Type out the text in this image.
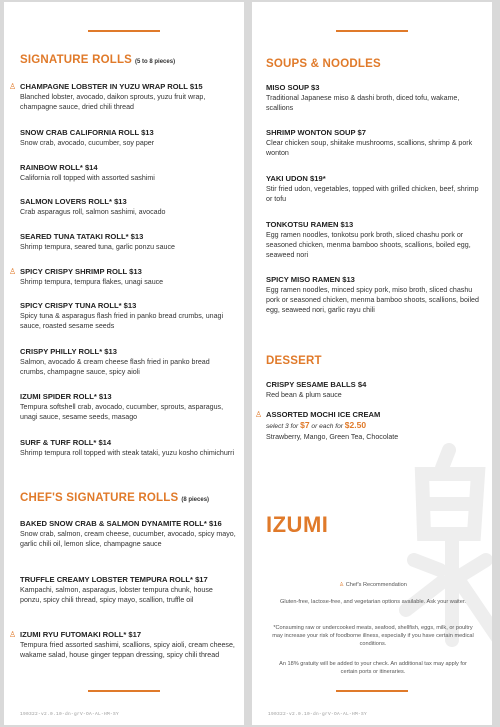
SIGNATURE ROLLS (5 to 8 pieces)
♙ CHAMPAGNE LOBSTER IN YUZU WRAP ROLL $15
Blanched lobster, avocado, daikon sprouts, yuzu fruit wrap, champagne sauce, dried chili thread
SNOW CRAB CALIFORNIA ROLL $13
Snow crab, avocado, cucumber, soy paper
RAINBOW ROLL* $14
California roll topped with assorted sashimi
SALMON LOVERS ROLL* $13
Crab asparagus roll, salmon sashimi, avocado
SEARED TUNA TATAKI ROLL* $13
Shrimp tempura, seared tuna, garlic ponzu sauce
♙ SPICY CRISPY SHRIMP ROLL $13
Shrimp tempura, tempura flakes, unagi sauce
SPICY CRISPY TUNA ROLL* $13
Spicy tuna & asparagus flash fried in panko bread crumbs, unagi sauce, roasted sesame seeds
CRISPY PHILLY ROLL* $13
Salmon, avocado & cream cheese flash fried in panko bread crumbs, champagne sauce, spicy aioli
IZUMI SPIDER ROLL* $13
Tempura softshell crab, avocado, cucumber, sprouts, asparagus, unagi sauce, sesame seeds, masago
SURF & TURF ROLL* $14
Shrimp tempura roll topped with steak tataki, yuzu kosho chimichurri
CHEF'S SIGNATURE ROLLS (8 pieces)
BAKED SNOW CRAB & SALMON DYNAMITE ROLL* $16
Snow crab, salmon, cream cheese, cucumber, avocado, spicy mayo, garlic chili oil, lemon slice, champagne sauce
TRUFFLE CREAMY LOBSTER TEMPURA ROLL* $17
Kampachi, salmon, asparagus, lobster tempura chunk, house ponzu, spicy chili thread, spicy mayo, scallion, truffle oil
♙ IZUMI RYU FUTOMAKI ROLL* $17
Tempura fried assorted sashimi, scallions, spicy aioli, cream cheese, wakame salad, house ginger teppan dressing, spicy chili thread
190322-v2.0.10-dn-grV-OA-AL-HM-SY
SOUPS & NOODLES
MISO SOUP $3
Traditional Japanese miso & dashi broth, diced tofu, wakame, scallions
SHRIMP WONTON SOUP $7
Clear chicken soup, shiitake mushrooms, scallions, shrimp & pork wonton
YAKI UDON $19*
Stir fried udon, vegetables, topped with grilled chicken, beef, shrimp or tofu
TONKOTSU RAMEN $13
Egg ramen noodles, tonkotsu pork broth, sliced chashu pork or seasoned chicken, menma bamboo shoots, scallions, boiled egg, seaweed nori
SPICY MISO RAMEN $13
Egg ramen noodles, minced spicy pork, miso broth, sliced chashu pork or seasoned chicken, menma bamboo shoots, scallions, boiled egg, seaweed nori, garlic rayu chili
DESSERT
CRISPY SESAME BALLS $4
Red bean & plum sauce
♙ ASSORTED MOCHI ICE CREAM
select 3 for $7 or each for $2.50
Strawberry, Mango, Green Tea, Chocolate
IZUMI
♙ Chef's Recommendation
Gluten-free, lactose-free, and vegetarian options available. Ask your waiter.
*Consuming raw or undercooked meats, seafood, shellfish, eggs, milk, or poultry may increase your risk of foodborne illness, especially if you have certain medical conditions.
An 18% gratuity will be added to your check. An additional tax may apply for certain ports or itineraries.
190322-v2.0.10-dn-grV-OA-AL-HM-SY
